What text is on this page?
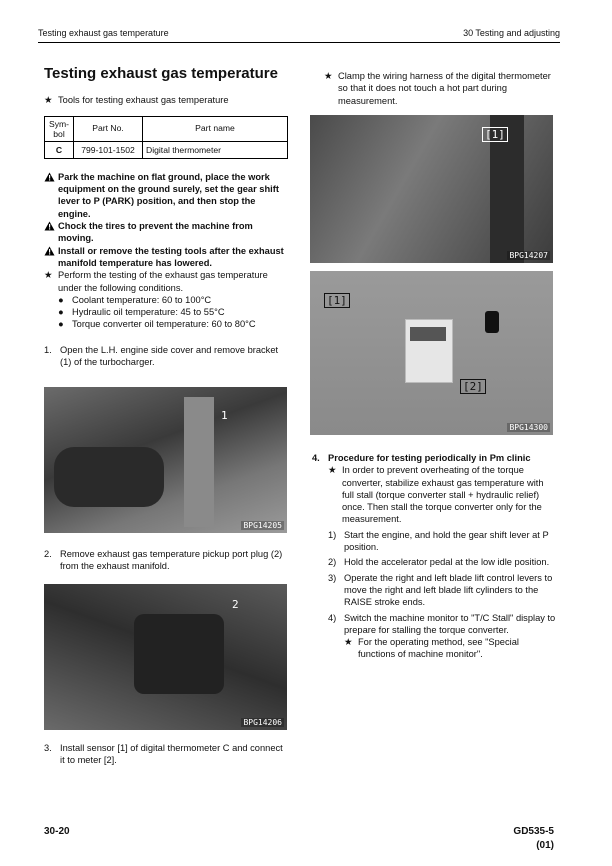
Testing exhaust gas temperature	30 Testing and adjusting
Testing exhaust gas temperature
★ Tools for testing exhaust gas temperature
Sym-bol	Part No.	Part name
C	799-101-1502	Digital thermometer
Park the machine on flat ground, place the work equipment on the ground surely, set the gear shift lever to P (PARK) position, and then stop the engine.
Chock the tires to prevent the machine from moving.
Install or remove the testing tools after the exhaust manifold temperature has lowered.
★ Perform the testing of the exhaust gas temperature under the following conditions.
● Coolant temperature: 60 to 100°C
● Hydraulic oil temperature: 45 to 55°C
● Torque converter oil temperature: 60 to 80°C
1. Open the L.H. engine side cover and remove bracket (1) of the turbocharger.
1
BPG14205
2. Remove exhaust gas temperature pickup port plug (2) from the exhaust manifold.
2
BPG14206
3. Install sensor [1] of digital thermometer C and connect it to meter [2].
★ Clamp the wiring harness of the digital thermometer so that it does not touch a hot part during measurement.
[1]
BPG14207
[1]
[2]
BPG14300
4. Procedure for testing periodically in Pm clinic
★ In order to prevent overheating of the torque converter, stabilize exhaust gas temperature with full stall (torque converter stall + hydraulic relief) once. Then stall the torque converter only for the measurement.
1) Start the engine, and hold the gear shift lever at P position.
2) Hold the accelerator pedal at the low idle position.
3) Operate the right and left blade lift control levers to move the right and left blade lift cylinders to the RAISE stroke ends.
4) Switch the machine monitor to "T/C Stall" display to prepare for stalling the torque converter.
★ For the operating method, see "Special functions of machine monitor".
30-20	GD535-5
(01)
